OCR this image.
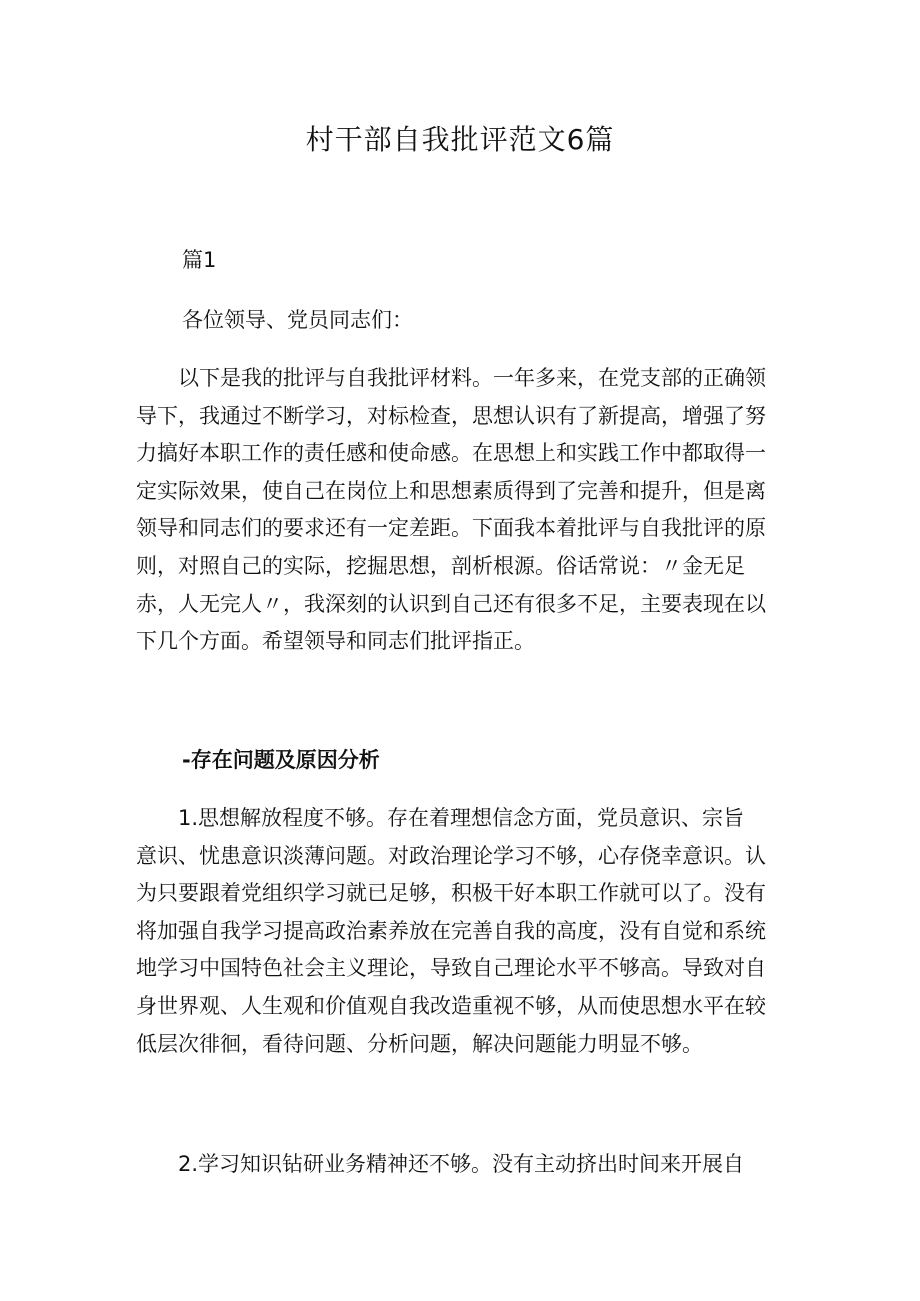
村干部自我批评范文6篇
篇1
各位领导、党员同志们：
　　以下是我的批评与自我批评材料。一年多来，在党支部的正确领
导下，我通过不断学习，对标检查，思想认识有了新提高，增强了努
力搞好本职工作的责任感和使命感。在思想上和实践工作中都取得一
定实际效果，使自己在岗位上和思想素质得到了完善和提升，但是离
领导和同志们的要求还有一定差距。下面我本着批评与自我批评的原
则，对照自己的实际，挖掘思想，剖析根源。俗话常说：〃金无足
赤，人无完人〃，我深刻的认识到自己还有很多不足，主要表现在以
下几个方面。希望领导和同志们批评指正。
-存在问题及原因分析
　　1.思想解放程度不够。存在着理想信念方面，党员意识、宗旨
意识、忧患意识淡薄问题。对政治理论学习不够，心存侥幸意识。认
为只要跟着党组织学习就已足够，积极干好本职工作就可以了。没有
将加强自我学习提高政治素养放在完善自我的高度，没有自觉和系统
地学习中国特色社会主义理论，导致自己理论水平不够高。导致对自
身世界观、人生观和价值观自我改造重视不够，从而使思想水平在较
低层次徘徊，看待问题、分析问题，解决问题能力明显不够。
　　2.学习知识钻研业务精神还不够。没有主动挤出时间来开展自
